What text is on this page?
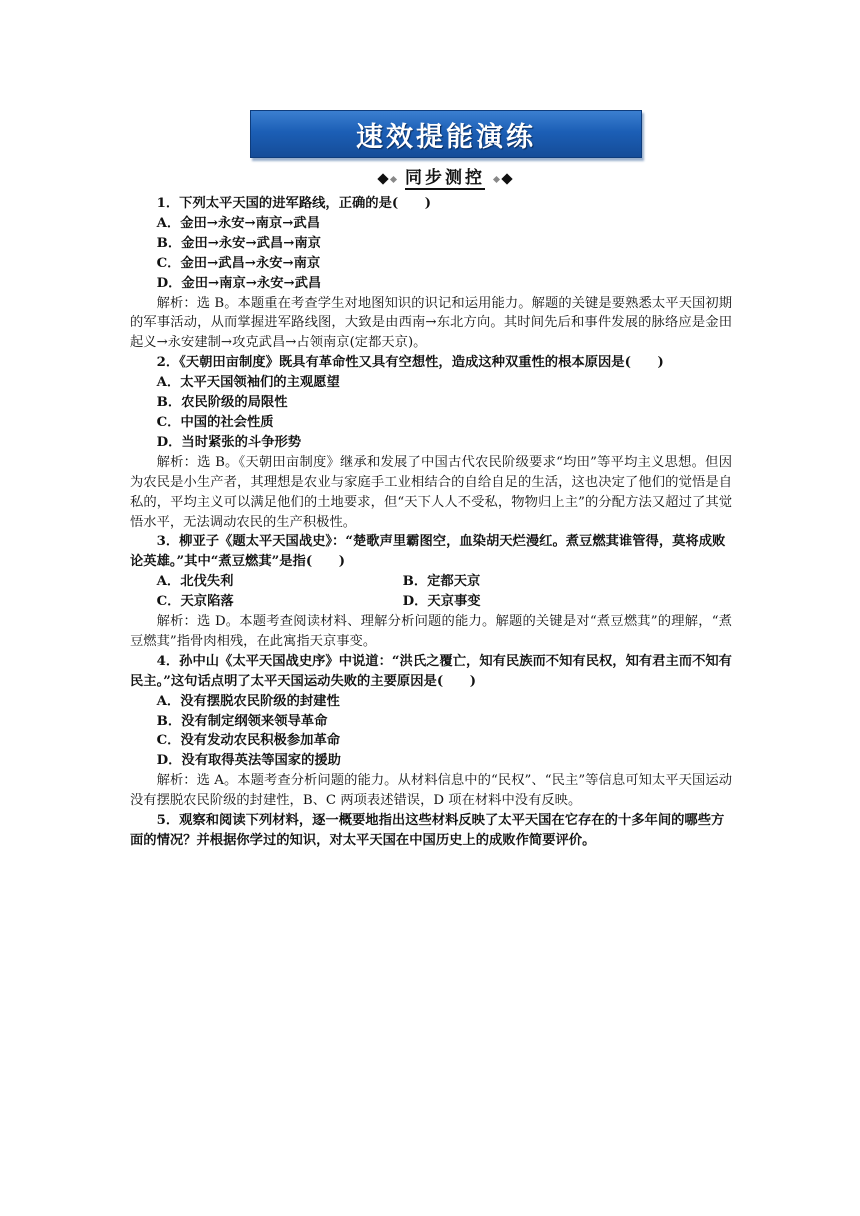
速效提能演练
同步测控

1．下列太平天国的进军路线，正确的是(　　)

A．金田→永安→南京→武昌

B．金田→永安→武昌→南京

C．金田→武昌→永安→南京

D．金田→南京→永安→武昌

解析：选 B。本题重在考查学生对地图知识的识记和运用能力。解题的关键是要熟悉太平天国初期的军事活动，从而掌握进军路线图，大致是由西南→东北方向。其时间先后和事件发展的脉络应是金田起义→永安建制→攻克武昌→占领南京(定都天京)。

2．《天朝田亩制度》既具有革命性又具有空想性，造成这种双重性的根本原因是(　　)

A．太平天国领袖们的主观愿望

B．农民阶级的局限性

C．中国的社会性质

D．当时紧张的斗争形势

解析：选 B。《天朝田亩制度》继承和发展了中国古代农民阶级要求“均田”等平均主义思想。但因为农民是小生产者，其理想是农业与家庭手工业相结合的自给自足的生活，这也决定了他们的觉悟是自私的，平均主义可以满足他们的土地要求，但“天下人人不受私，物物归上主”的分配方法又超过了其觉悟水平，无法调动农民的生产积极性。

3．柳亚子《题太平天国战史》：“楚歌声里霸图空，血染胡天烂漫红。煮豆燃萁谁管得，莫将成败论英雄。”其中“煮豆燃萁”是指(　　)

A．北伐失利	B．定都天京
C．天京陷落	D．天京事变

解析：选 D。本题考查阅读材料、理解分析问题的能力。解题的关键是对“煮豆燃萁”的理解，“煮豆燃萁”指骨肉相残，在此寓指天京事变。

4．孙中山《太平天国战史序》中说道：“洪氏之覆亡，知有民族而不知有民权，知有君主而不知有民主。”这句话点明了太平天国运动失败的主要原因是(　　)

A．没有摆脱农民阶级的封建性

B．没有制定纲领来领导革命

C．没有发动农民积极参加革命

D．没有取得英法等国家的援助

解析：选 A。本题考查分析问题的能力。从材料信息中的“民权”、“民主”等信息可知太平天国运动没有摆脱农民阶级的封建性，B、C 两项表述错误，D 项在材料中没有反映。

5．观察和阅读下列材料，逐一概要地指出这些材料反映了太平天国在它存在的十多年间的哪些方面的情况？并根据你学过的知识，对太平天国在中国历史上的成败作简要评价。
